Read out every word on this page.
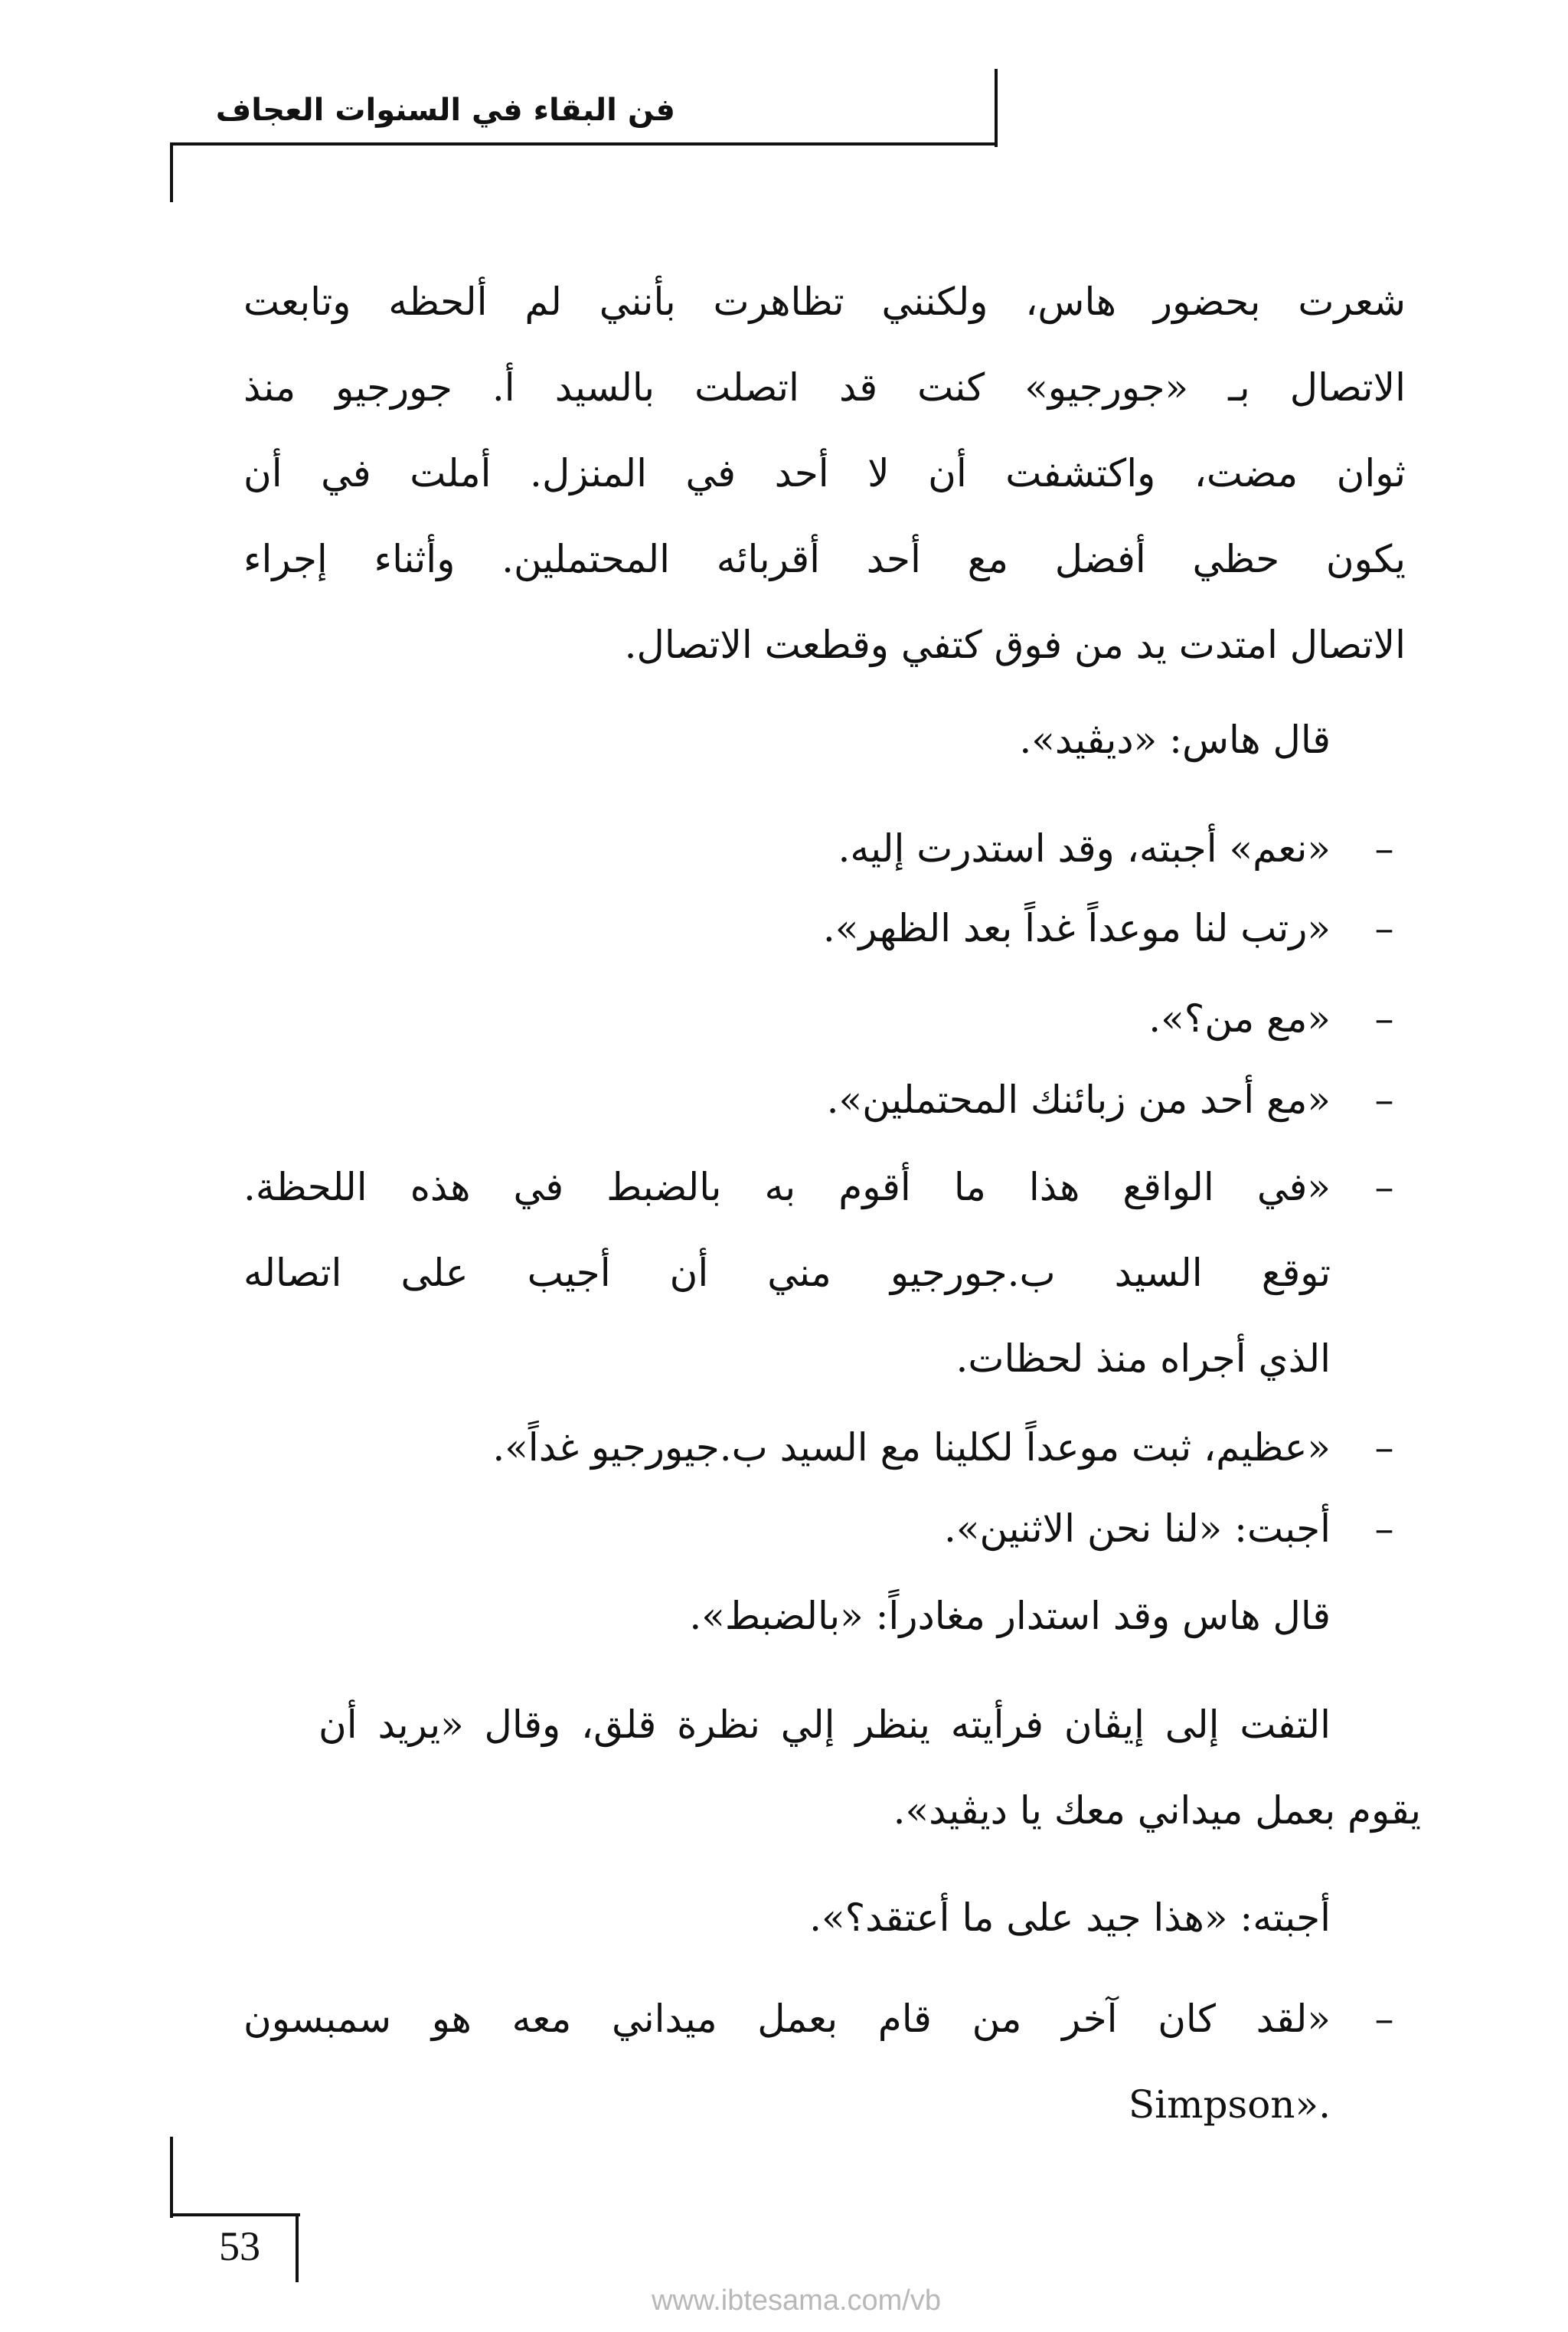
فن البقاء في السنوات العجاف
شعرت بحضور هاس، ولكنني تظاهرت بأنني لم ألحظه وتابعت
الاتصال بـ «جورجيو» كنت قد اتصلت بالسيد أ. جورجيو منذ
ثوان مضت، واكتشفت أن لا أحد في المنزل. أملت في أن
يكون حظي أفضل مع أحد أقربائه المحتملين. وأثناء إجراء
الاتصال امتدت يد من فوق كتفي وقطعت الاتصال.
قال هاس: «ديڤيد».
–
«نعم» أجبته، وقد استدرت إليه.
–
«رتب لنا موعداً غداً بعد الظهر».
–
«مع من؟».
–
«مع أحد من زبائنك المحتملين».
–
«في الواقع هذا ما أقوم به بالضبط في هذه اللحظة.
توقع السيد ب.جورجيو مني أن أجيب على اتصاله
الذي أجراه منذ لحظات.
–
«عظيم، ثبت موعداً لكلينا مع السيد ب.جيورجيو غداً».
–
أجبت: «لنا نحن الاثنين».
قال هاس وقد استدار مغادراً: «بالضبط».
التفت إلى إيڤان فرأيته ينظر إلي نظرة قلق، وقال «يريد أن
يقوم بعمل ميداني معك يا ديڤيد».
أجبته: «هذا جيد على ما أعتقد؟».
–
«لقد كان آخر من قام بعمل ميداني معه هو سمبسون
.«Simpson
53
www.ibtesama.com/vb
